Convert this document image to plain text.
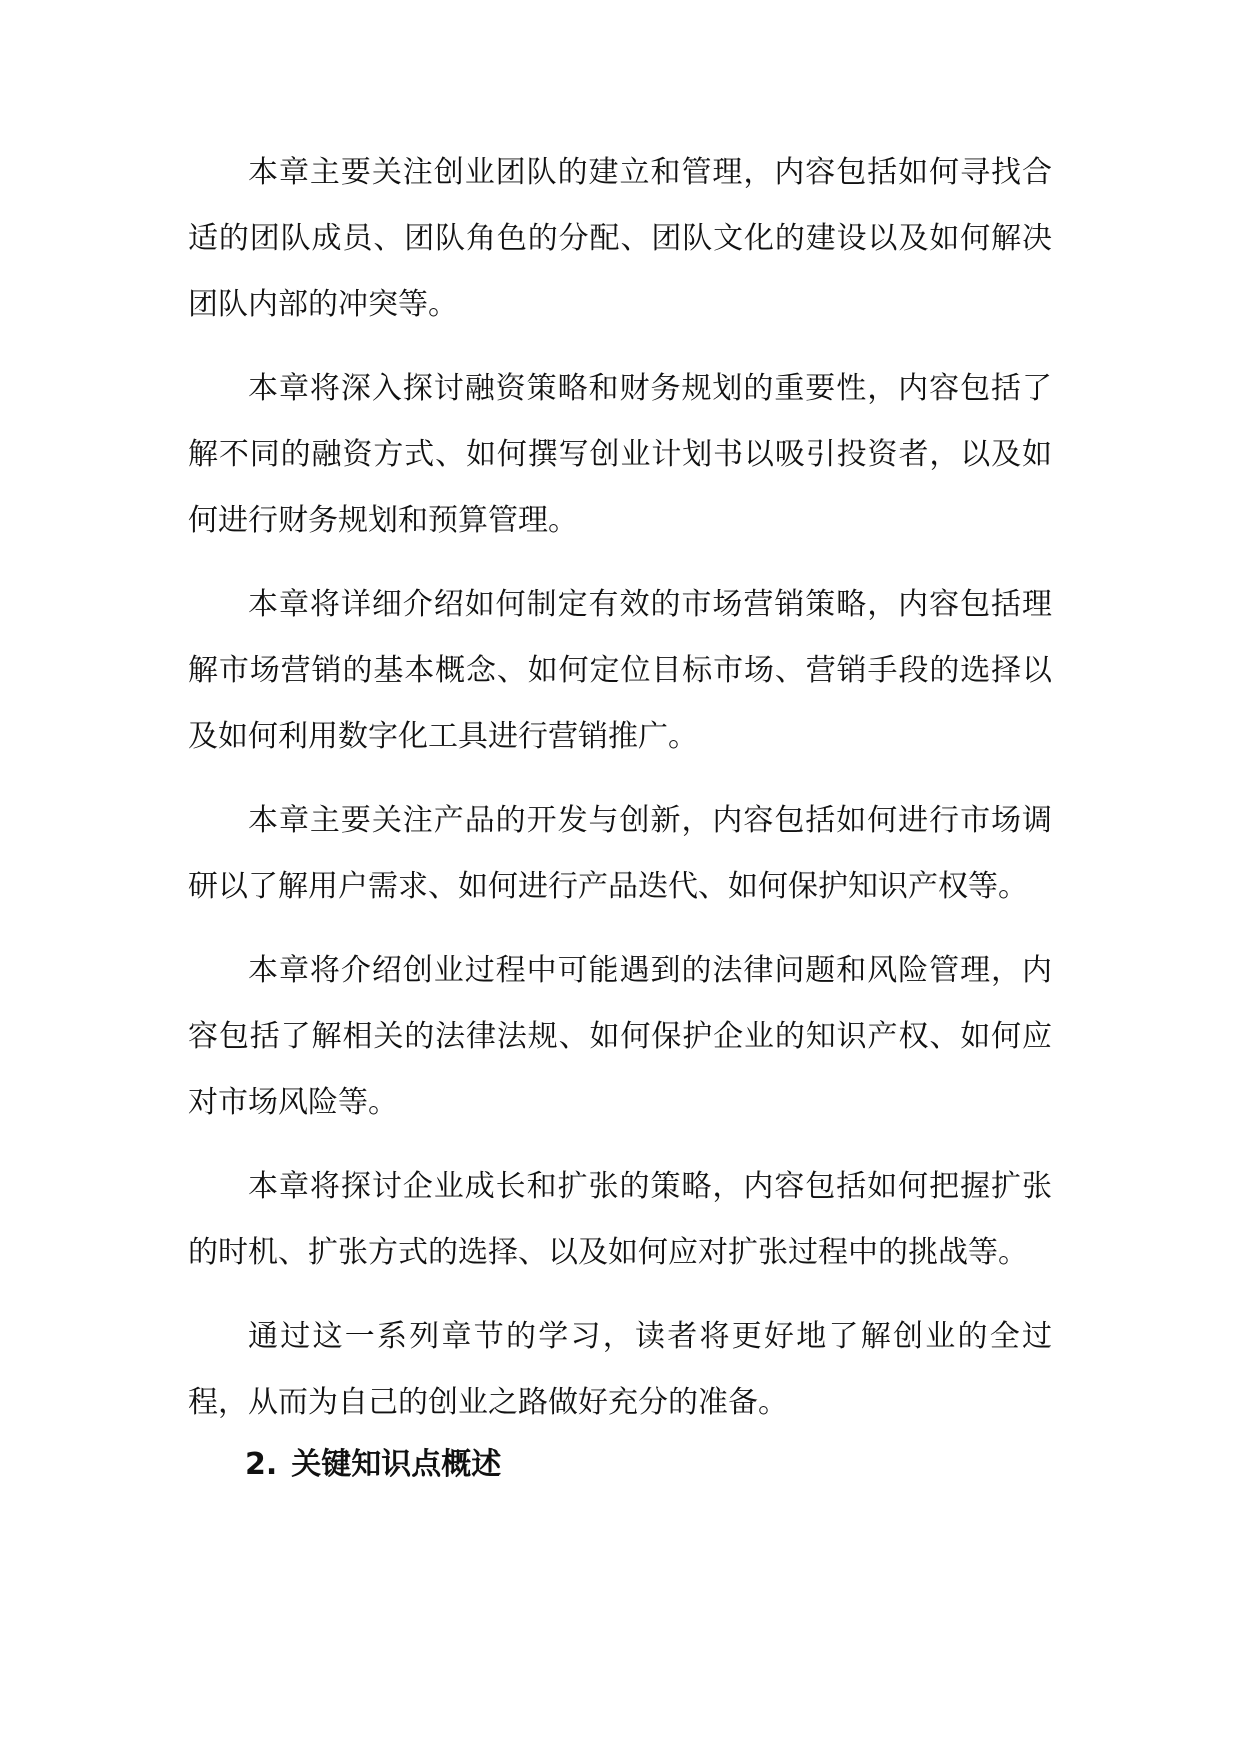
本章主要关注创业团队的建立和管理，内容包括如何寻找合适的团队成员、团队角色的分配、团队文化的建设以及如何解决团队内部的冲突等。

本章将深入探讨融资策略和财务规划的重要性，内容包括了解不同的融资方式、如何撰写创业计划书以吸引投资者，以及如何进行财务规划和预算管理。

本章将详细介绍如何制定有效的市场营销策略，内容包括理解市场营销的基本概念、如何定位目标市场、营销手段的选择以及如何利用数字化工具进行营销推广。

本章主要关注产品的开发与创新，内容包括如何进行市场调研以了解用户需求、如何进行产品迭代、如何保护知识产权等。

本章将介绍创业过程中可能遇到的法律问题和风险管理，内容包括了解相关的法律法规、如何保护企业的知识产权、如何应对市场风险等。

本章将探讨企业成长和扩张的策略，内容包括如何把握扩张的时机、扩张方式的选择、以及如何应对扩张过程中的挑战等。

通过这一系列章节的学习，读者将更好地了解创业的全过程，从而为自己的创业之路做好充分的准备。

2. 关键知识点概述
